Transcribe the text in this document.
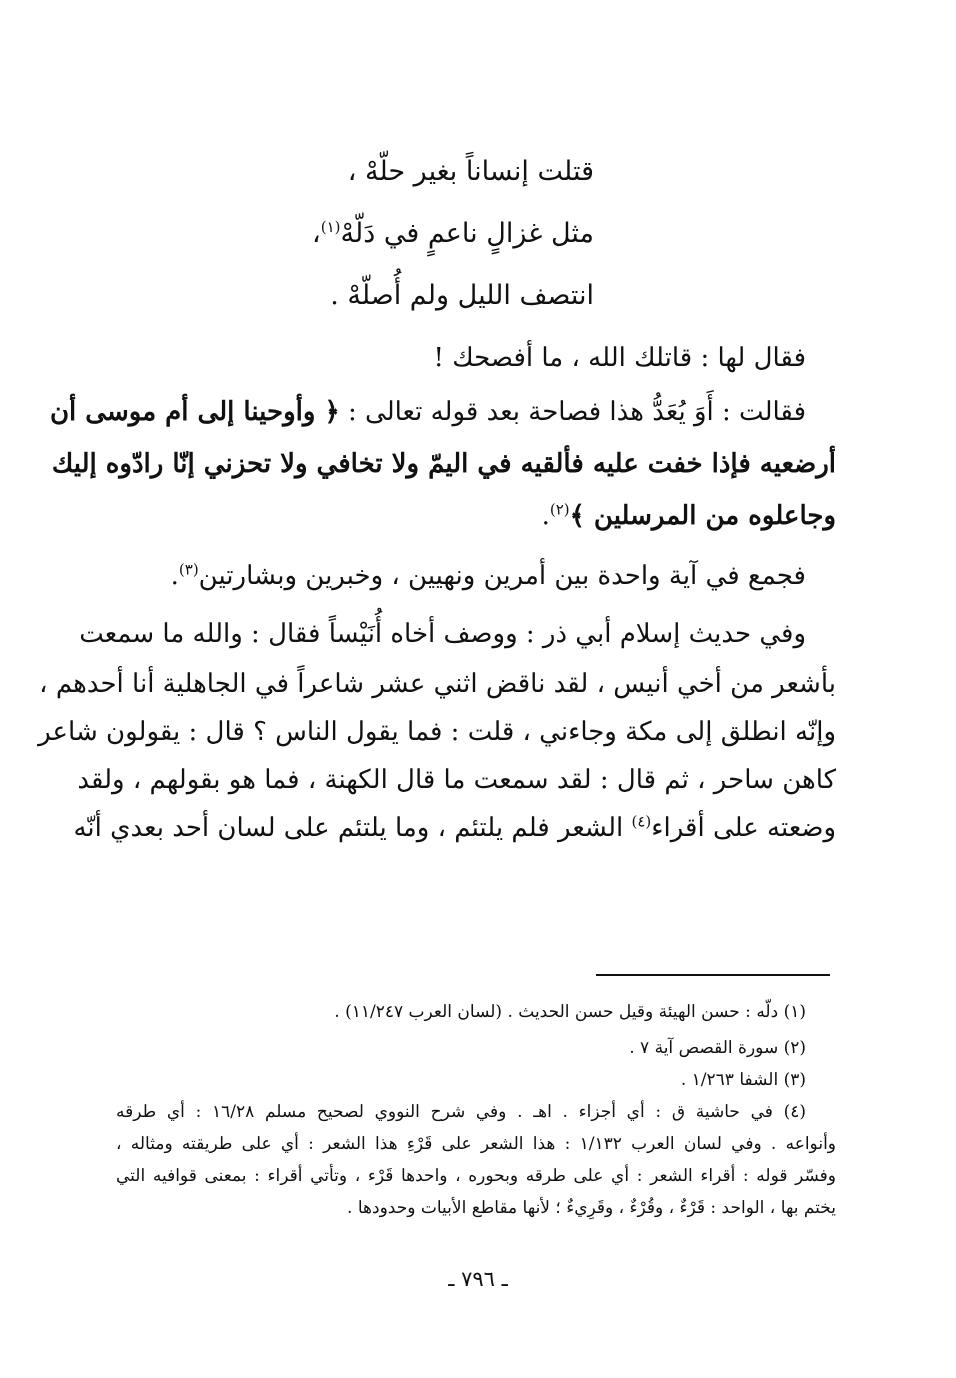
قتلت إنساناً بغير حلّهْ ،
مثل غزالٍ ناعمٍ في دَلّهْ$^{(١)}$،
انتصف الليل ولم أُصلّهْ .
فقال لها : قاتلك الله ، ما أفصحك !
فقالت : أَوَ يُعَدُّ هذا فصاحة بعد قوله تعالى : ﴿ وأوحينا إلى أم موسى أن
أرضعيه فإذا خفت عليه فألقيه في اليمّ ولا تخافي ولا تحزني إنّا رادّوه إليك
وجاعلوه من المرسلين ﴾$^{(٢)}$.
فجمع في آية واحدة بين أمرين ونهيين ، وخبرين وبشارتين$^{(٣)}$.
وفي حديث إسلام أبي ذر : ووصف أخاه أُنَيْساً فقال : والله ما سمعت
بأشعر من أخي أنيس ، لقد ناقض اثني عشر شاعراً في الجاهلية أنا أحدهم ،
وإنّه انطلق إلى مكة وجاءني ، قلت : فما يقول الناس ؟ قال : يقولون شاعر
كاهن ساحر ، ثم قال : لقد سمعت ما قال الكهنة ، فما هو بقولهم ، ولقد
وضعته على أقراء$^{(٤)}$ الشعر فلم يلتئم ، وما يلتئم على لسان أحد بعدي أنّه
(١) دلّه : حسن الهيئة وقيل حسن الحديث . (لسان العرب ١١/٢٤٧) .
(٢) سورة القصص آية ٧ .
(٣) الشفا ١/٢٦٣ .
(٤) في حاشية ق : أي أجزاء . اهـ . وفي شرح النووي لصحيح مسلم ١٦/٢٨ : أي طرقه
وأنواعه . وفي لسان العرب ١/١٣٢ : هذا الشعر على قَرْءِ هذا الشعر : أي على طريقته ومثاله ،
وفسّر قوله : أقراء الشعر : أي على طرقه وبحوره ، واحدها قَرْء ، وتأتي أقراء : بمعنى قوافيه التي
يختم بها ، الواحد : قَرْءٌ ، وقُرْءٌ ، وقَرِيءٌ ؛ لأنها مقاطع الأبيات وحدودها .
ـ ٧٩٦ ـ
